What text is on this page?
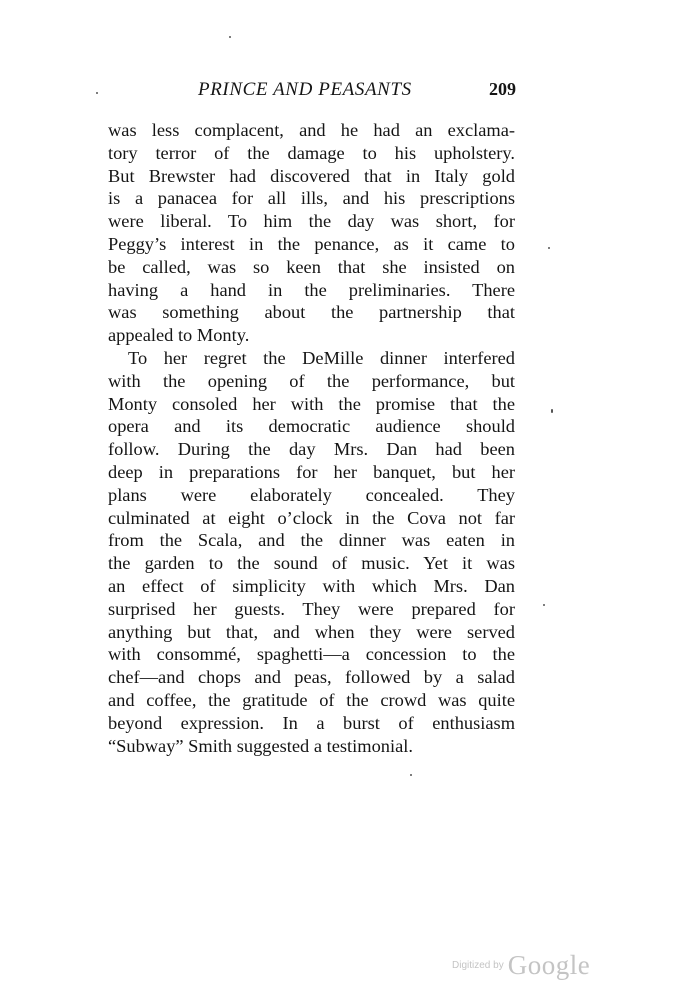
PRINCE AND PEASANTS	209
was less complacent, and he had an exclama-
tory terror of the damage to his upholstery.
But Brewster had discovered that in Italy gold
is a panacea for all ills, and his prescriptions
were liberal. To him the day was short, for
Peggy’s interest in the penance, as it came to
be called, was so keen that she insisted on
having a hand in the preliminaries. There
was something about the partnership that
appealed to Monty.
To her regret the DeMille dinner interfered
with the opening of the performance, but
Monty consoled her with the promise that the
opera and its democratic audience should
follow. During the day Mrs. Dan had been
deep in preparations for her banquet, but her
plans were elaborately concealed. They
culminated at eight o’clock in the Cova not far
from the Scala, and the dinner was eaten in
the garden to the sound of music. Yet it was
an effect of simplicity with which Mrs. Dan
surprised her guests. They were prepared for
anything but that, and when they were served
with consommé, spaghetti—a concession to the
chef—and chops and peas, followed by a salad
and coffee, the gratitude of the crowd was quite
beyond expression. In a burst of enthusiasm
“Subway” Smith suggested a testimonial.
Digitized by Google
